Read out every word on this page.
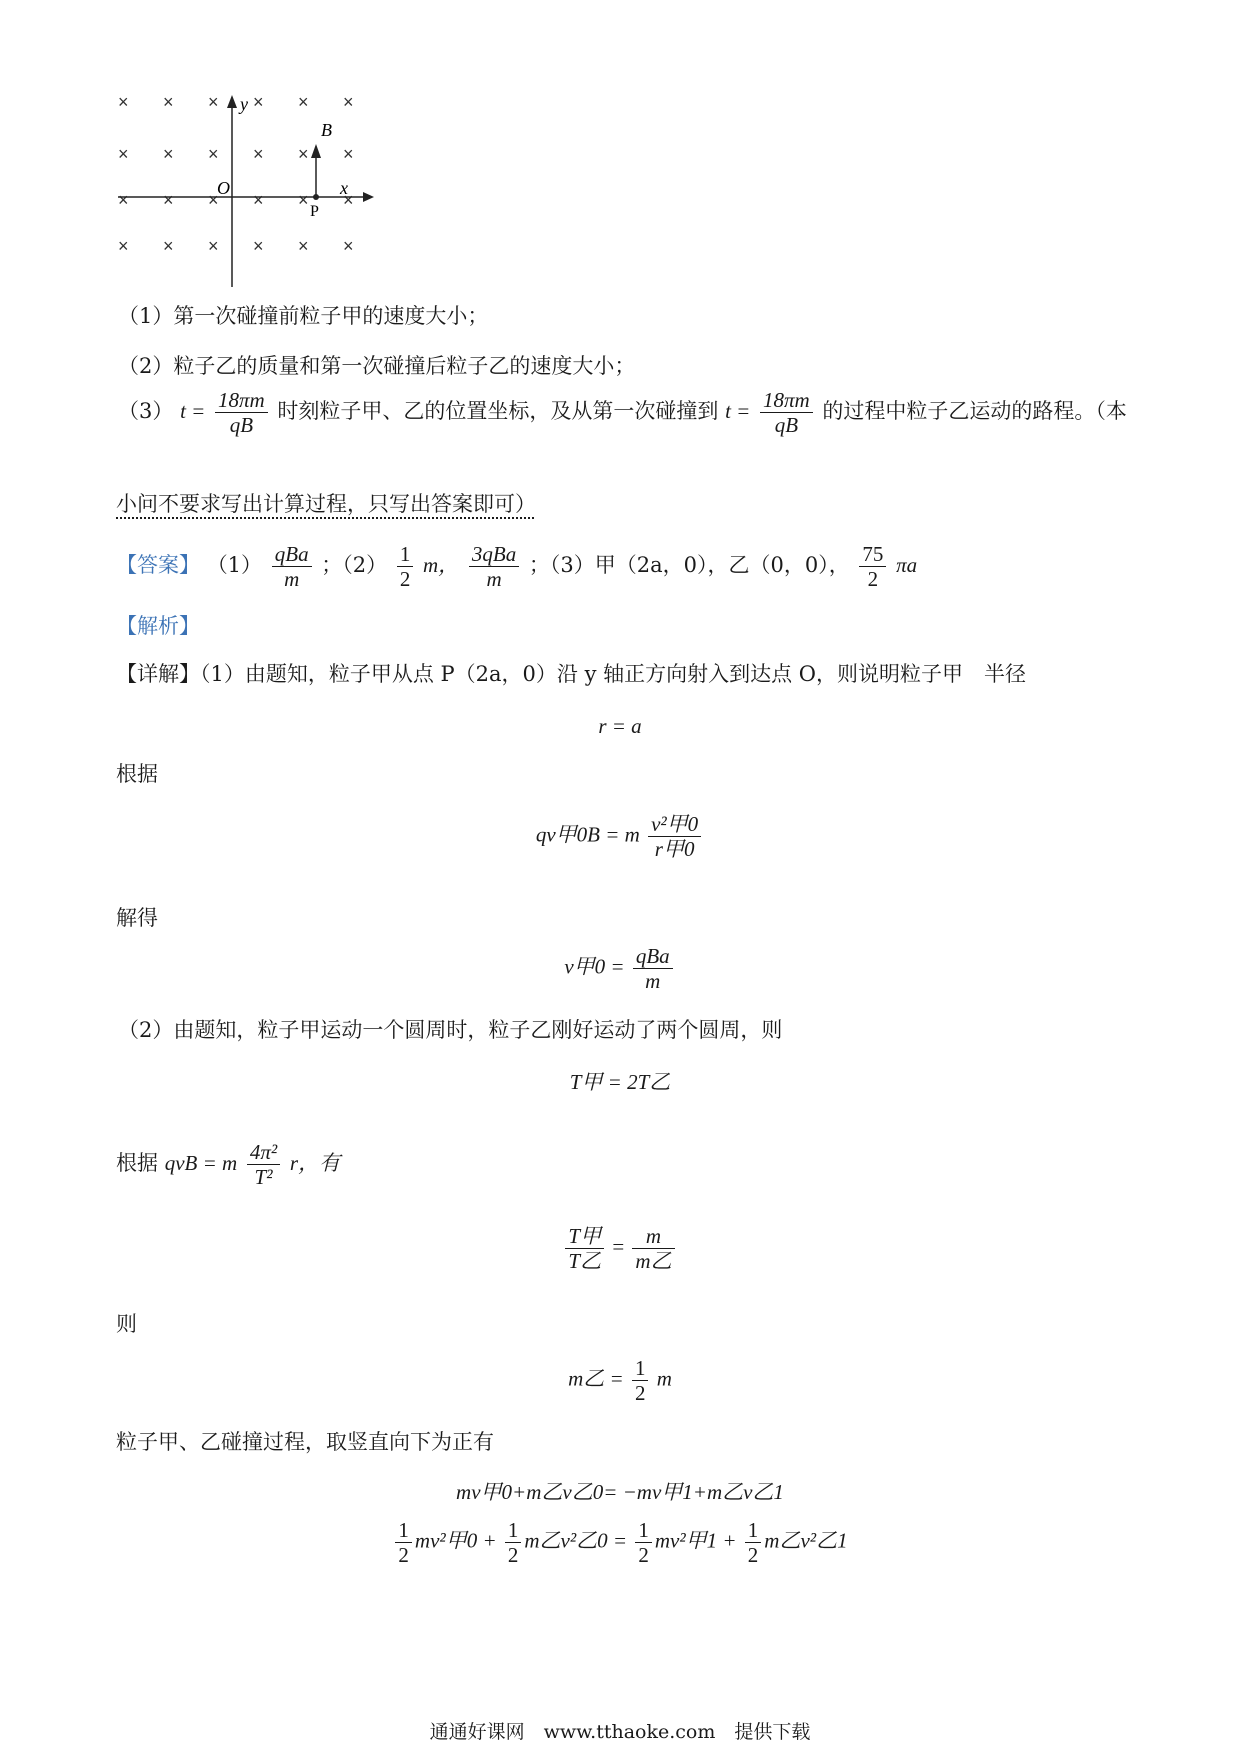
× × × × × ×
× × × × × ×
× × × × × ×
× × × × × ×
y
x
O
B
P
（1）第一次碰撞前粒子甲的速度大小；
（2）粒子乙的质量和第一次碰撞后粒子乙的速度大小；
（3） $t = \frac{18\pi m}{qB}$ 时刻粒子甲、乙的位置坐标，及从第一次碰撞到 $t = \frac{18\pi m}{qB}$ 的过程中粒子乙运动的路程。（本
小问不要求写出计算过程，只写出答案即可）
【答案】 $(1) \frac{\text{qBa}}{m}$ ；$(2) \frac{1}{2}$ m， $\frac{\text{3qBa}}{m}$ ；（3）甲（2a，0），乙（0，0）， $\frac{75}{2}$ πa
【解析】
【详解】（1）由题知，粒子甲从点 P（2a，0）沿 y 轴正方向射入到达点 O，则说明粒子甲　半径
r = a
根据
qv甲0B = m $\frac{\text{v²甲0}}{\text{r甲0}}$
解得
v甲$0 = \frac{\text{qBa}}{m}$
（2）由题知，粒子甲运动一个圆周时，粒子乙刚好运动了两个圆周，则
T甲 = 2T乙
根据 qvB = m $\frac{\text{4π²}}{\text{T²}}$ r，有
$\frac{\text{T甲}}{\text{T乙}} = \frac{m}{\text{m乙}}$
则
m乙 = $\frac{1}{2}$ m
粒子甲、乙碰撞过程，取竖直向下为正有
mv甲0+m乙v乙0= −mv甲1+m乙v乙1
$\frac{1}{2} mv^2$甲$0 + \frac{1}{2}$ m乙v²乙$0 = \frac{1}{2} mv^2$甲$1 + \frac{1}{2}$ m乙v²乙1
通通好课网　www.tthaoke.com　提供下载
